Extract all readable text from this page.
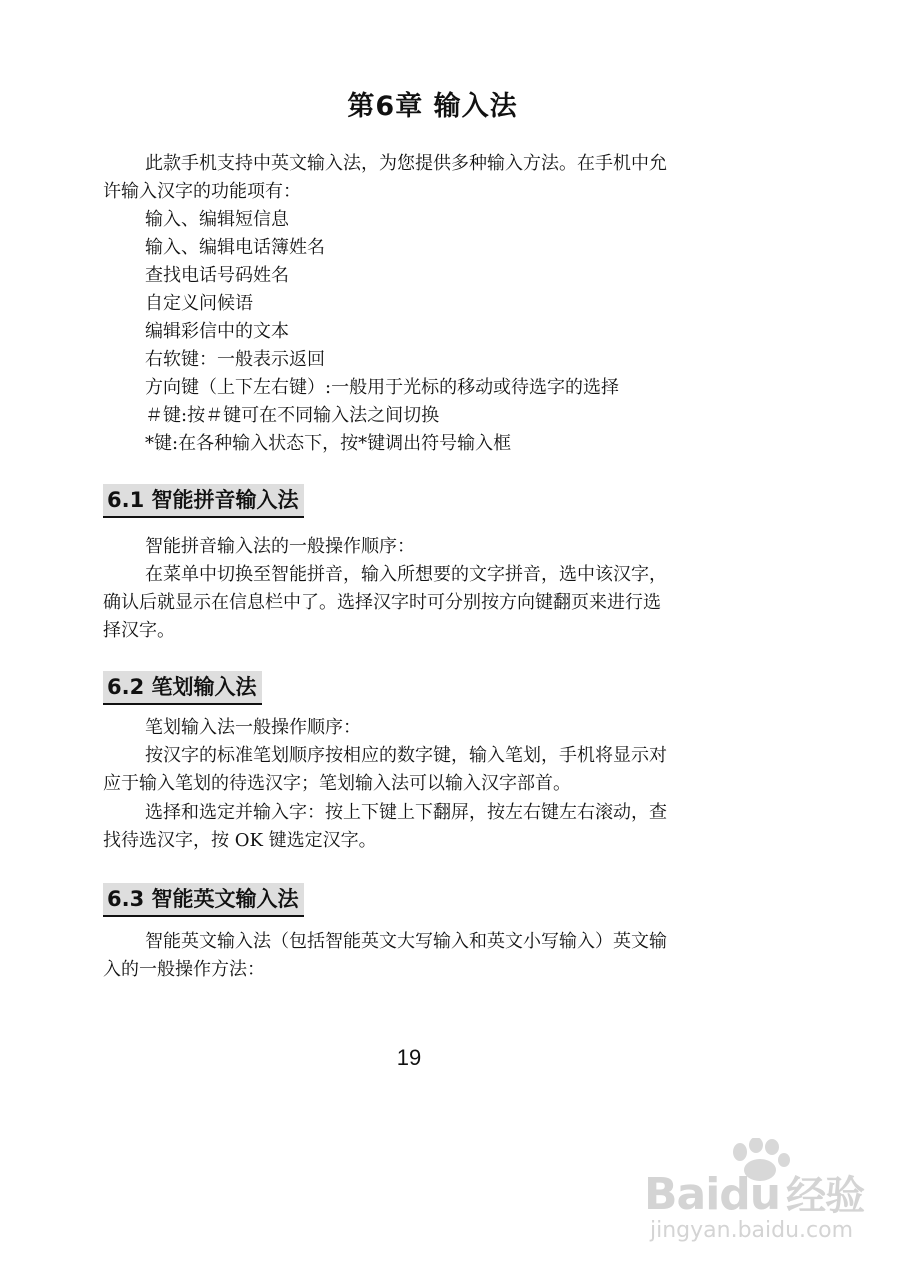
第6章 输入法

此款手机支持中英文输入法，为您提供多种输入方法。在手机中允

许输入汉字的功能项有：

输入、编辑短信息

输入、编辑电话簿姓名

查找电话号码姓名

自定义问候语

编辑彩信中的文本

右软键：一般表示返回

方向键（上下左右键）:一般用于光标的移动或待选字的选择

＃键:按＃键可在不同输入法之间切换

*键:在各种输入状态下，按*键调出符号输入框

6.1 智能拼音输入法

智能拼音输入法的一般操作顺序：

在菜单中切换至智能拼音，输入所想要的文字拼音，选中该汉字，

确认后就显示在信息栏中了。选择汉字时可分别按方向键翻页来进行选

择汉字。

6.2 笔划输入法

笔划输入法一般操作顺序：

按汉字的标准笔划顺序按相应的数字键，输入笔划，手机将显示对

应于输入笔划的待选汉字；笔划输入法可以输入汉字部首。

选择和选定并输入字：按上下键上下翻屏，按左右键左右滚动，查

找待选汉字，按 OK 键选定汉字。

6.3 智能英文输入法

智能英文输入法（包括智能英文大写输入和英文小写输入）英文输

入的一般操作方法：

19
Baidu 经验
jingyan.baidu.com
